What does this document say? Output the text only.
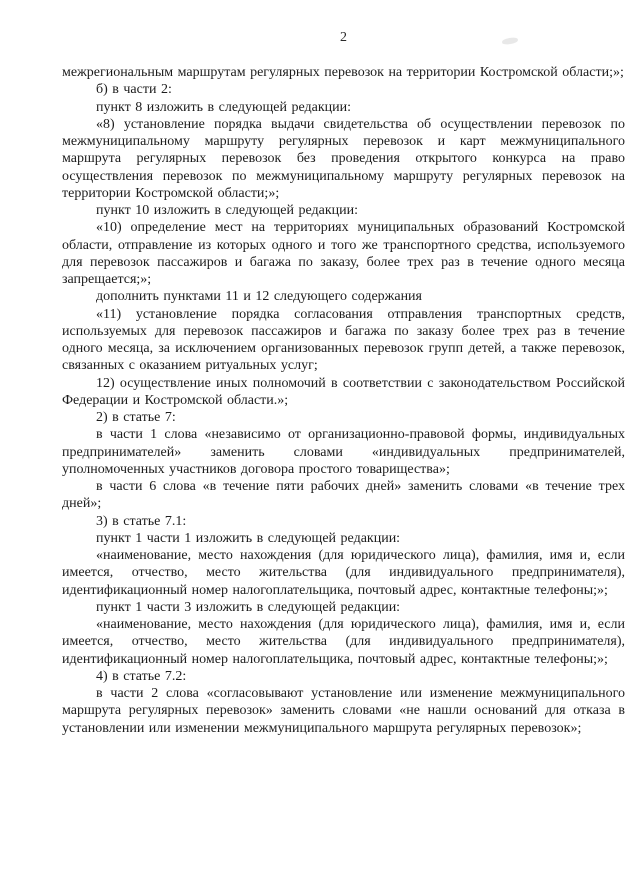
2

межрегиональным маршрутам регулярных перевозок на территории Костромской области;»;

б) в части 2:

пункт 8 изложить в следующей редакции:

«8) установление порядка выдачи свидетельства об осуществлении перевозок по межмуниципальному маршруту регулярных перевозок и карт межмуниципального маршрута регулярных перевозок без проведения открытого конкурса на право осуществления перевозок по межмуниципальному маршруту регулярных перевозок на территории Костромской области;»;

пункт 10 изложить в следующей редакции:

«10) определение мест на территориях муниципальных образований Костромской области, отправление из которых одного и того же транспортного средства, используемого для перевозок пассажиров и багажа по заказу, более трех раз в течение одного месяца запрещается;»;

дополнить пунктами 11 и 12 следующего содержания

«11) установление порядка согласования отправления транспортных средств, используемых для перевозок пассажиров и багажа по заказу более трех раз в течение одного месяца, за исключением организованных перевозок групп детей, а также перевозок, связанных с оказанием ритуальных услуг;

12) осуществление иных полномочий в соответствии с законодательством Российской Федерации и Костромской области.»;

2) в статье 7:

в части 1 слова «независимо от организационно-правовой формы, индивидуальных предпринимателей» заменить словами «индивидуальных предпринимателей, уполномоченных участников договора простого товарищества»;

в части 6 слова «в течение пяти рабочих дней» заменить словами «в течение трех дней»;

3) в статье 7.1:

пункт 1 части 1 изложить в следующей редакции:

«наименование, место нахождения (для юридического лица), фамилия, имя и, если имеется, отчество, место жительства (для индивидуального предпринимателя), идентификационный номер налогоплательщика, почтовый адрес, контактные телефоны;»;

пункт 1 части 3 изложить в следующей редакции:

«наименование, место нахождения (для юридического лица), фамилия, имя и, если имеется, отчество, место жительства (для индивидуального предпринимателя), идентификационный номер налогоплательщика, почтовый адрес, контактные телефоны;»;

4) в статье 7.2:

в части 2 слова «согласовывают установление или изменение межмуниципального маршрута регулярных перевозок» заменить словами «не нашли оснований для отказа в установлении или изменении межмуниципального маршрута регулярных перевозок»;
